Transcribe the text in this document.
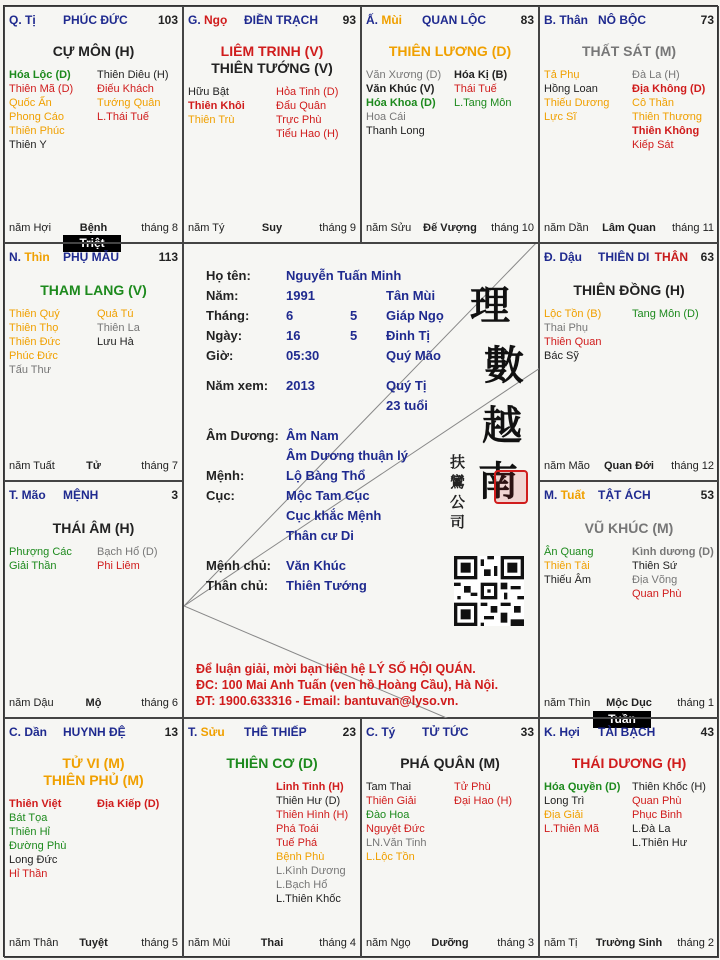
Họ tên:	Nguyễn Tuấn Minh
Năm:	1991	Tân Mùi
Tháng:	6	5 Giáp Ngọ
Ngày:	16	5 Đinh Tị
Giờ:	05:30	Quý Mão
Năm xem: 2013	Quý Tị
23 tuổi
Âm Dương: Âm Nam
Âm Dương thuận lý
Mệnh:	Lộ Bàng Thổ
Cục:	Mộc Tam Cục
Cục khắc Mệnh
Thân cư Di
Mệnh chủ: Văn Khúc
Thân chủ: Thiên Tướng
理
數
越
南
扶
鸞
公
司
Để luận giải, mời bạn liên hệ LÝ SỐ HỘI QUÁN.
ĐC: 100 Mai Anh Tuấn (ven hồ Hoàng Cầu), Hà Nội.
ĐT: 1900.633316 - Email: bantuvan@lyso.vn.
Triệt
Tuần
Q. Tị PHÚC ĐỨC	103
CỰ MÔN (H)
Hóa Lộc (D)
Thiên Mã (D)
Quốc Ấn
Phong Cáo
Thiên Phúc
Thiên Y
Thiên Diêu (H)
Điếu Khách
Tướng Quân
L.Thái Tuế
năm Hợi	Bệnh	tháng 8
G. Ngọ ĐIỀN TRẠCH 93
LIÊM TRINH (V)
THIÊN TƯỚNG (V)
Hữu Bật
Thiên Khôi
Thiên Trù
Hỏa Tinh (D)
Đẩu Quân
Trực Phù
Tiểu Hao (H)
năm Tý	Suy	tháng 9
Ấ. Mùi QUAN LỘC	83
THIÊN LƯƠNG (D)
Văn Xương (D)
Văn Khúc (V)
Hóa Khoa (D)
Hoa Cái
Thanh Long
Hóa Kị (B)
Thái Tuế
L.Tang Môn
năm Sửu	Đế Vượng	tháng 10
B. Thân NÔ BỘC	73
THẤT SÁT (M)
Tả Phụ
Hồng Loan
Thiếu Dương
Lực Sĩ
Đà La (H)
Địa Không (D)
Cô Thần
Thiên Thương
Thiên Không
Kiếp Sát
năm Dần	Lâm Quan	tháng 11
N. Thìn PHỤ MẪU	113
THAM LANG (V)
Thiên Quý
Thiên Thọ
Thiên Đức
Phúc Đức
Tấu Thư
Quả Tú
Thiên La
Lưu Hà
năm Tuất	Tử	tháng 7
Đ. Dậu THIÊN DI THÂN 63
THIÊN ĐỒNG (H)
Lộc Tồn (B)
Thai Phụ
Thiên Quan
Bác Sỹ
Tang Môn (D)
năm Mão	Quan Đới	tháng 12
T. Mão MỆNH	3
THÁI ÂM (H)
Phượng Các
Giải Thần
Bạch Hổ (D)
Phi Liêm
năm Dậu	Mộ	tháng 6
M. Tuất TẬT ÁCH	53
VŨ KHÚC (M)
Ân Quang
Thiên Tài
Thiếu Âm
Kình dương (D)
Thiên Sứ
Địa Võng
Quan Phù
năm Thìn	Mộc Dục	tháng 1
C. Dần HUYNH ĐỆ	13
TỬ VI (M)
THIÊN PHỦ (M)
Thiên Việt
Bát Tọa
Thiên Hỉ
Đường Phù
Long Đức
Hỉ Thần
Địa Kiếp (D)
năm Thân	Tuyệt	tháng 5
T. Sửu THÊ THIẾP	23
THIÊN CƠ (D)
Linh Tinh (H)
Thiên Hư (D)
Thiên Hình (H)
Phá Toái
Tuế Phá
Bệnh Phù
L.Kình Dương
L.Bạch Hổ
L.Thiên Khốc
năm Mùi	Thai	tháng 4
C. Tý TỬ TỨC	33
PHÁ QUÂN (M)
Tam Thai
Thiên Giải
Đào Hoa
Nguyệt Đức
LN.Văn Tinh
L.Lộc Tồn
Tử Phù
Đại Hao (H)
năm Ngọ	Dưỡng	tháng 3
K. Hợi TÀI BẠCH	43
THÁI DƯƠNG (H)
Hóa Quyền (D)
Long Trì
Địa Giải
L.Thiên Mã
Thiên Khốc (H)
Quan Phù
Phục Binh
L.Đà La
L.Thiên Hư
năm Tị	Trường Sinh	tháng 2
